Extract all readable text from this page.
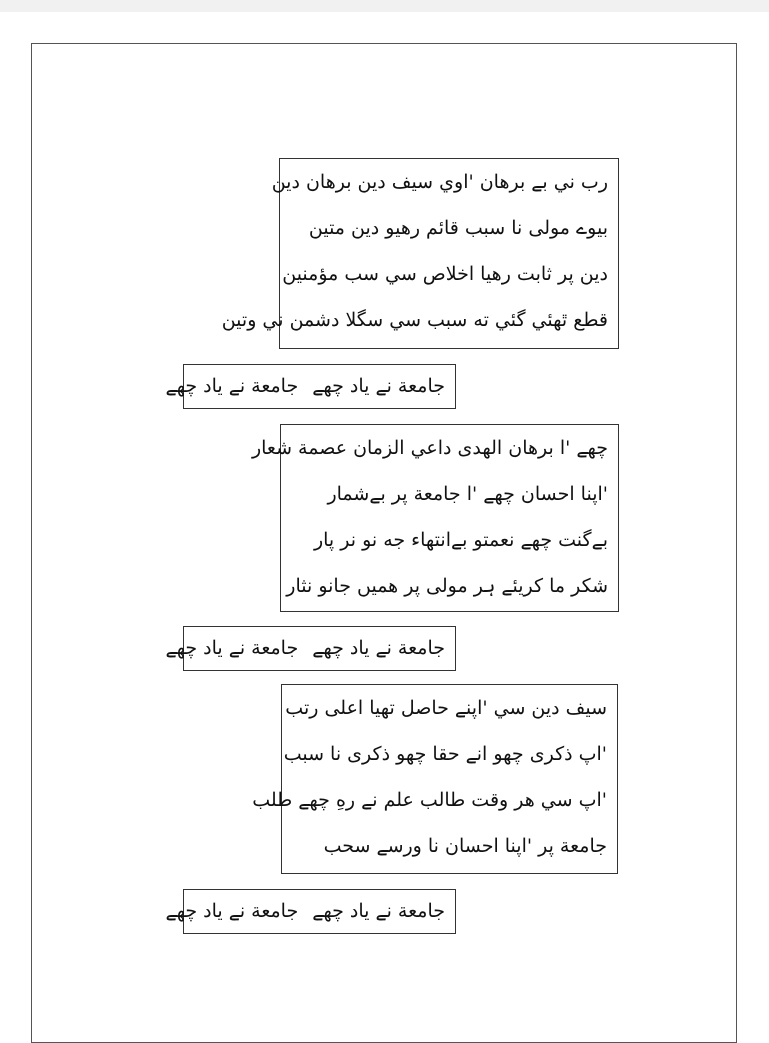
رب ني بے برهان 'اوي سيف دين برهان دين
بيوے مولی نا سبب قائم رهيو دين متين
دين پر ثابت رهيا اخلاص سي سب مؤمنين
قطع ٿهئي گئي ته سبب سي سگلا دشمن ني وتين
جامعة نے ياد چھےجامعة نے ياد چھے
چھے 'ا برهان الهدى داعي الزمان عصمة شعار
'اپنا احسان چھے 'ا جامعة پر بےشمار
بےگنت چھے نعمتو بےانتهاء جه نو نر پار
شكر ما كريئے ہر مولی پر هميں جانو نثار
جامعة نے ياد چھےجامعة نے ياد چھے
سيف دين سي 'اپنے حاصل تهيا اعلی رتب
'اپ ذكری چھو انے حقا چھو ذكری نا سبب
'اپ سي هر وقت طالب علم نے رهِ چھے طلب
جامعة پر 'اپنا احسان نا ورسے سحب
جامعة نے ياد چھےجامعة نے ياد چھے
